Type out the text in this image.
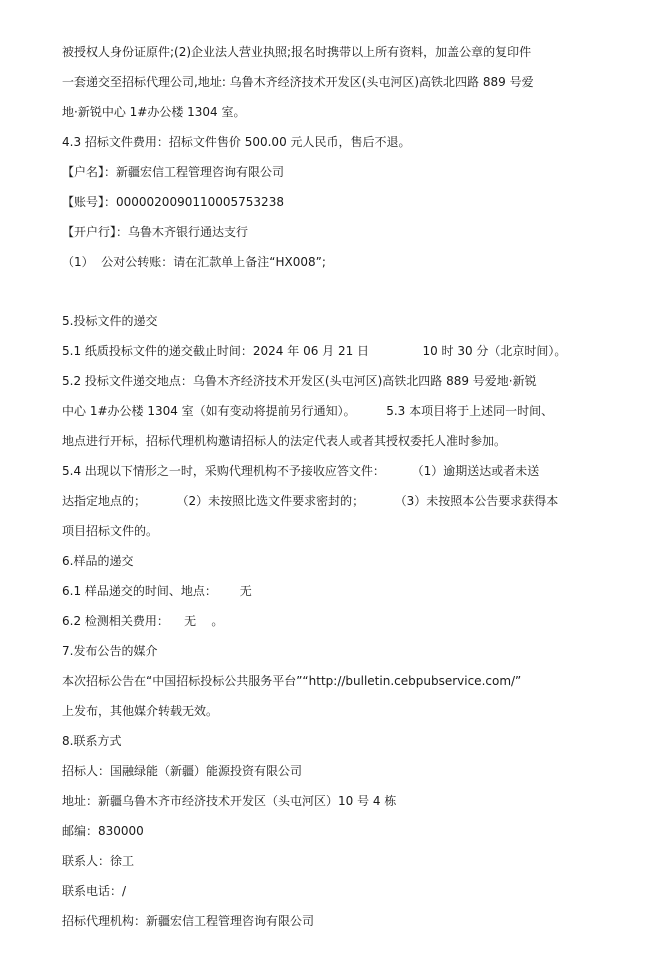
被授权人身份证原件;(2)企业法人营业执照;报名时携带以上所有资料，加盖公章的复印件
一套递交至招标代理公司,地址: 乌鲁木齐经济技术开发区(头屯河区)高铁北四路 889 号爱
地·新锐中心 1#办公楼 1304 室。
4.3 招标文件费用：招标文件售价 500.00 元人民币，售后不退。
【户名】：新疆宏信工程管理咨询有限公司
【账号】：0000020090110005753238
【开户行】：乌鲁木齐银行通达支行
（1）  公对公转账：请在汇款单上备注“HX008”;
5.投标文件的递交
5.1 纸质投标文件的递交截止时间：2024 年 06 月 21 日              10 时 30 分（北京时间）。
5.2 投标文件递交地点：乌鲁木齐经济技术开发区(头屯河区)高铁北四路 889 号爱地·新锐
中心 1#办公楼 1304 室（如有变动将提前另行通知）。        5.3 本项目将于上述同一时间、
地点进行开标，招标代理机构邀请招标人的法定代表人或者其授权委托人准时参加。
5.4 出现以下情形之一时，采购代理机构不予接收应答文件：       （1）逾期送达或者未送
达指定地点的；        （2）未按照比选文件要求密封的；        （3）未按照本公告要求获得本
项目招标文件的。
6.样品的递交
6.1 样品递交的时间、地点：      无
6.2 检测相关费用：    无    。
7.发布公告的媒介
本次招标公告在“中国招标投标公共服务平台”“http://bulletin.cebpubservice.com/”
上发布，其他媒介转载无效。
8.联系方式
招标人：国融绿能（新疆）能源投资有限公司
地址：新疆乌鲁木齐市经济技术开发区（头屯河区）10 号 4 栋
邮编：830000
联系人：徐工
联系电话：/
招标代理机构：新疆宏信工程管理咨询有限公司
